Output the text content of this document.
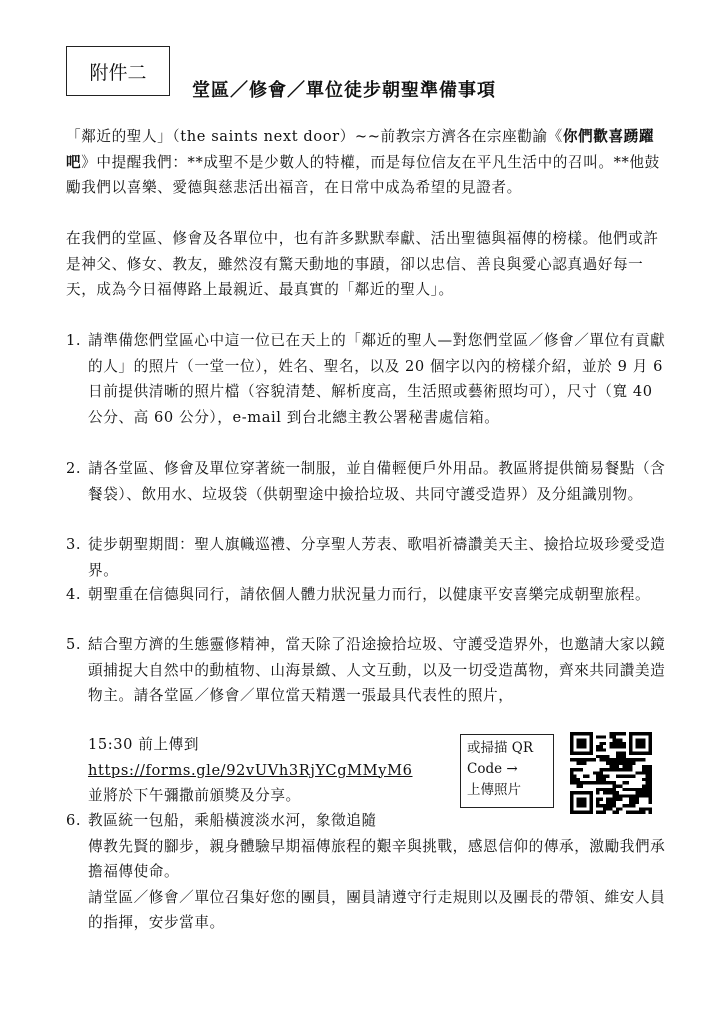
附件二
堂區／修會／單位徒步朝聖準備事項

「鄰近的聖人」（the saints next door）~~前教宗方濟各在宗座勸諭《你們歡喜踴躍吧》中提醒我們：**成聖不是少數人的特權，而是每位信友在平凡生活中的召叫。**他鼓勵我們以喜樂、愛德與慈悲活出福音，在日常中成為希望的見證者。

在我們的堂區、修會及各單位中，也有許多默默奉獻、活出聖德與福傳的榜樣。他們或許是神父、修女、教友，雖然沒有驚天動地的事蹟，卻以忠信、善良與愛心認真過好每一天，成為今日福傳路上最親近、最真實的「鄰近的聖人」。

1. 請準備您們堂區心中這一位已在天上的「鄰近的聖人—對您們堂區／修會／單位有貢獻的人」的照片（一堂一位），姓名、聖名，以及 20 個字以內的榜樣介紹，並於 9 月 6 日前提供清晰的照片檔（容貌清楚、解析度高，生活照或藝術照均可），尺寸（寬 40 公分、高 60 公分），e-mail 到台北總主教公署秘書處信箱。
2. 請各堂區、修會及單位穿著統一制服，並自備輕便戶外用品。教區將提供簡易餐點（含餐袋）、飲用水、垃圾袋（供朝聖途中撿拾垃圾、共同守護受造界）及分組識別物。
3. 徒步朝聖期間：聖人旗幟巡禮、分享聖人芳表、歌唱祈禱讚美天主、撿拾垃圾珍愛受造界。
4. 朝聖重在信德與同行，請依個人體力狀況量力而行，以健康平安喜樂完成朝聖旅程。
5. 結合聖方濟的生態靈修精神，當天除了沿途撿拾垃圾、守護受造界外，也邀請大家以鏡頭捕捉大自然中的動植物、山海景緻、人文互動，以及一切受造萬物，齊來共同讚美造物主。請各堂區／修會／單位當天精選一張最具代表性的照片，
15:30 前上傳到
https://forms.gle/92vUVh3RjYCgMMyM6
並將於下午彌撒前頒獎及分享。
或掃描 QR
Code →
上傳照片
6. 教區統一包船，乘船橫渡淡水河，象徵追隨
傳教先賢的腳步，親身體驗早期福傳旅程的艱辛與挑戰，感恩信仰的傳承，激勵我們承擔福傳使命。
請堂區／修會／單位召集好您的團員，團員請遵守行走規則以及團長的帶領、維安人員的指揮，安步當車。
